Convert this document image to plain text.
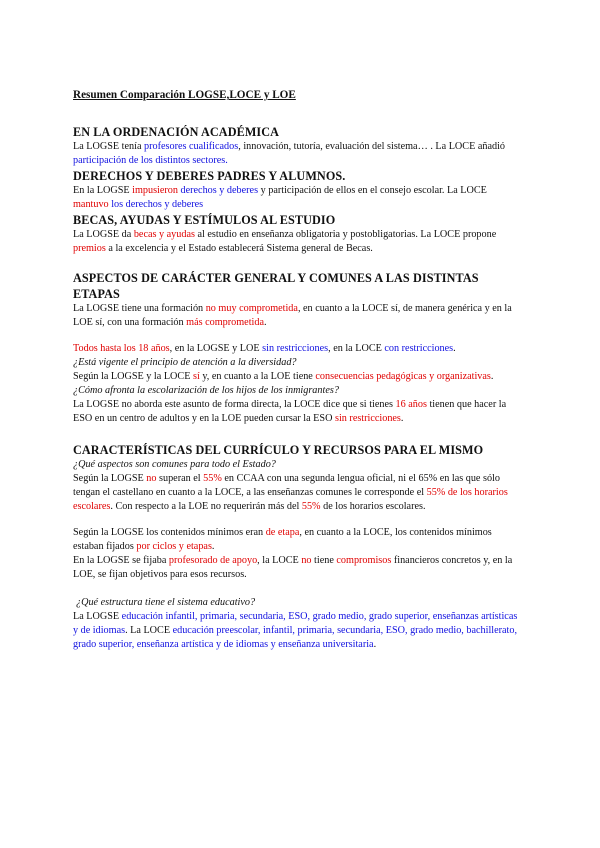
Resumen Comparación LOGSE,LOCE y LOE

EN LA ORDENACIÓN ACADÉMICA

La LOGSE tenía profesores cualificados, innovación, tutoría, evaluación del sistema… . La LOCE añadió participación de los distintos sectores.

DERECHOS Y DEBERES PADRES Y ALUMNOS.

En la LOGSE impusieron derechos y deberes y participación de ellos en el consejo escolar. La LOCE mantuvo los derechos y deberes

BECAS, AYUDAS Y ESTÍMULOS AL ESTUDIO

La LOGSE da becas y ayudas al estudio en enseñanza obligatoria y postobligatorias. La LOCE propone premios a la excelencia y el Estado establecerá Sistema general de Becas.

ASPECTOS DE CARÁCTER GENERAL Y COMUNES A LAS DISTINTAS ETAPAS

La LOGSE tiene una formación no muy comprometida, en cuanto a la LOCE sí, de manera genérica y en la LOE sí, con una formación más comprometida.

Todos hasta los 18 años, en la LOGSE y LOE sin restricciones, en la LOCE con restricciones.

¿Está vigente el principio de atención a la diversidad?

Según la LOGSE y la LOCE sí y, en cuanto a la LOE tiene consecuencias pedagógicas y organizativas.

¿Cómo afronta la escolarización de los hijos de los inmigrantes?

La LOGSE no aborda este asunto de forma directa, la LOCE dice que si tienes 16 años tienen que hacer la ESO en un centro de adultos y en la LOE pueden cursar la ESO sin restricciones.

CARACTERÍSTICAS DEL CURRÍCULO Y RECURSOS PARA EL MISMO

¿Qué aspectos son comunes para todo el Estado?

Según la LOGSE no superan el 55% en CCAA con una segunda lengua oficial, ni el 65% en las que sólo tengan el castellano en cuanto a la LOCE, a las enseñanzas comunes le corresponde el 55% de los horarios escolares. Con respecto a la LOE no requerirán más del 55% de los horarios escolares.

Según la LOGSE los contenidos mínimos eran de etapa, en cuanto a la LOCE, los contenidos mínimos estaban fijados por ciclos y etapas.

En la LOGSE se fijaba profesorado de apoyo, la LOCE no tiene compromisos financieros concretos y, en la LOE, se fijan objetivos para esos recursos.

¿Qué estructura tiene el sistema educativo?

La LOGSE educación infantil, primaria, secundaria, ESO, grado medio, grado superior, enseñanzas artísticas y de idiomas. La LOCE educación preescolar, infantil, primaria, secundaria, ESO, grado medio, bachillerato, grado superior, enseñanza artística y de idiomas y enseñanza universitaria.
